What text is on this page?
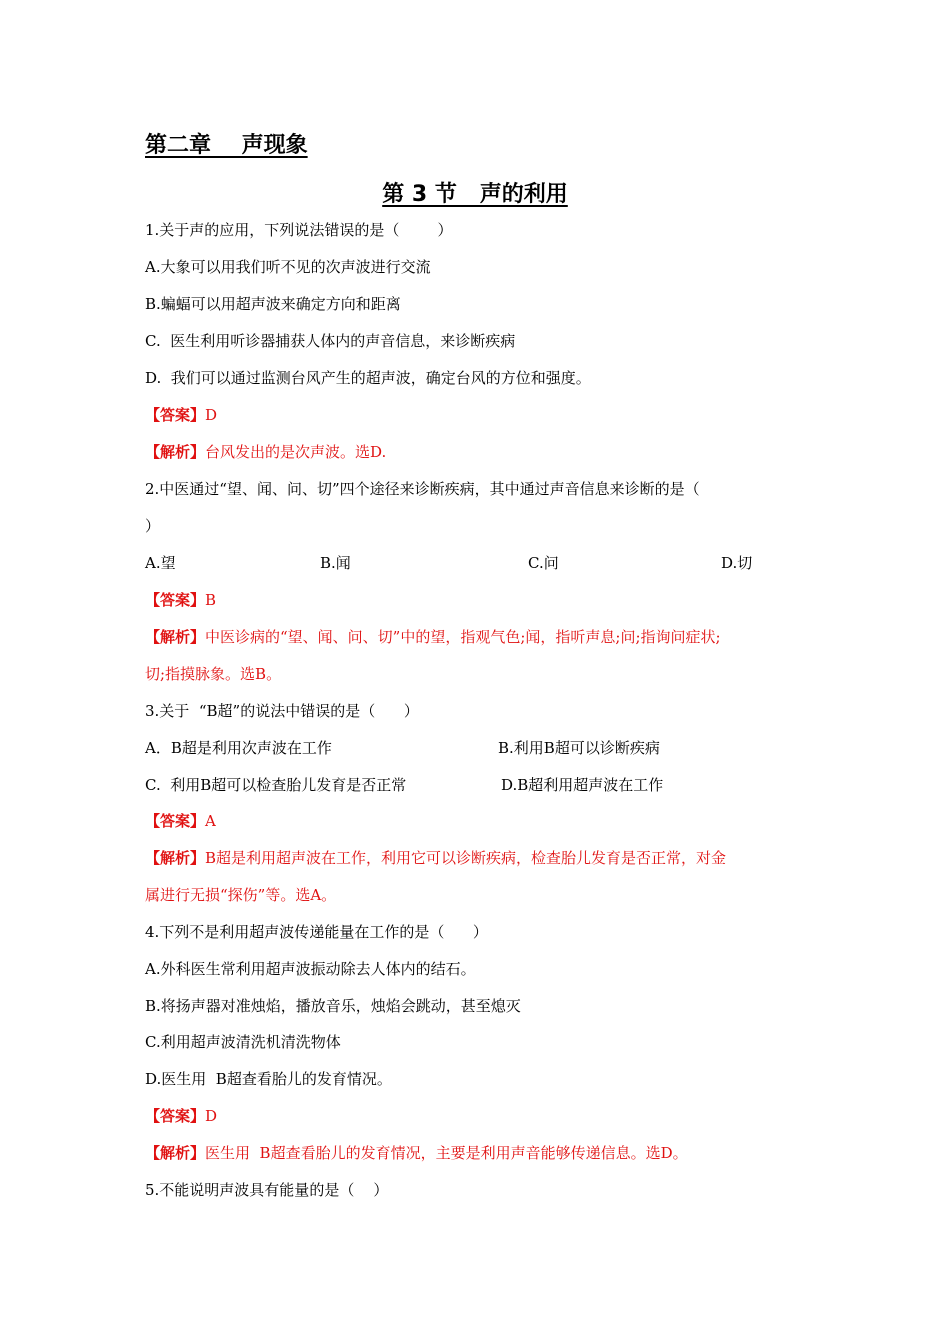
第二章    声现象
第 3 节   声的利用
1.关于声的应用，下列说法错误的是（        ）
A.大象可以用我们听不见的次声波进行交流
B.蝙蝠可以用超声波来确定方向和距离
C.  医生利用听诊器捕获人体内的声音信息，来诊断疾病
D.  我们可以通过监测台风产生的超声波，确定台风的方位和强度。
【答案】D
【解析】台风发出的是次声波。选D.
2.中医通过“望、闻、问、切”四个途径来诊断疾病，其中通过声音信息来诊断的是（
）
A.望	B.闻	C.问	D.切
【答案】B
【解析】中医诊病的“望、闻、问、切”中的望，指观气色;闻，指听声息;问;指询问症状;
切;指摸脉象。选B。
3.关于  “B超”的说法中错误的是（      ）
A．B超是利用次声波在工作	B.利用B超可以诊断疾病
C.  利用B超可以检查胎儿发育是否正常	D.B超利用超声波在工作
【答案】A
【解析】B超是利用超声波在工作，利用它可以诊断疾病，检查胎儿发育是否正常，对金
属进行无损“探伤”等。选A。
4.下列不是利用超声波传递能量在工作的是（      ）
A.外科医生常利用超声波振动除去人体内的结石。
B.将扬声器对准烛焰，播放音乐，烛焰会跳动，甚至熄灭
C.利用超声波清洗机清洗物体
D.医生用  B超查看胎儿的发育情况。
【答案】D
【解析】医生用  B超查看胎儿的发育情况，主要是利用声音能够传递信息。选D。
5.不能说明声波具有能量的是（    ）
